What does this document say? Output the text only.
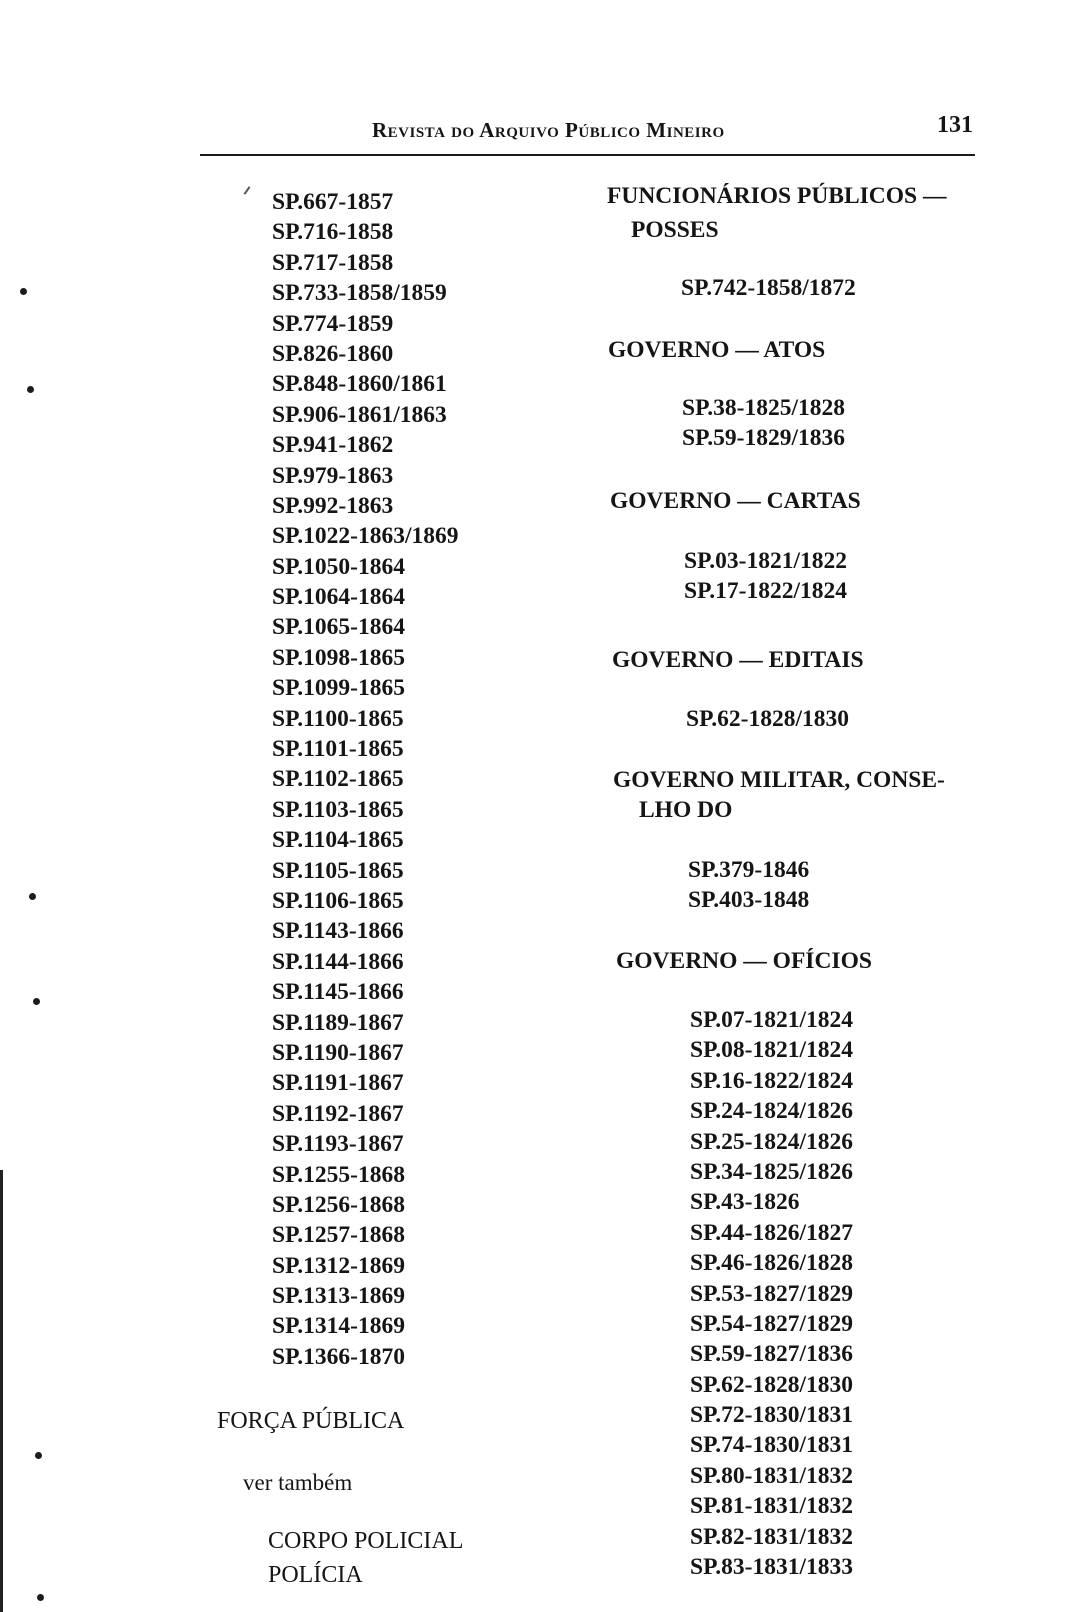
Revista do Arquivo Público Mineiro	131
SP.667-1857
SP.716-1858
SP.717-1858
SP.733-1858/1859
SP.774-1859
SP.826-1860
SP.848-1860/1861
SP.906-1861/1863
SP.941-1862
SP.979-1863
SP.992-1863
SP.1022-1863/1869
SP.1050-1864
SP.1064-1864
SP.1065-1864
SP.1098-1865
SP.1099-1865
SP.1100-1865
SP.1101-1865
SP.1102-1865
SP.1103-1865
SP.1104-1865
SP.1105-1865
SP.1106-1865
SP.1143-1866
SP.1144-1866
SP.1145-1866
SP.1189-1867
SP.1190-1867
SP.1191-1867
SP.1192-1867
SP.1193-1867
SP.1255-1868
SP.1256-1868
SP.1257-1868
SP.1312-1869
SP.1313-1869
SP.1314-1869
SP.1366-1870
FORÇA PÚBLICA
ver também
CORPO POLICIAL
POLÍCIA
FUNCIONÁRIOS PÚBLICOS —
POSSES
SP.742-1858/1872
GOVERNO — ATOS
SP.38-1825/1828
SP.59-1829/1836
GOVERNO — CARTAS
SP.03-1821/1822
SP.17-1822/1824
GOVERNO — EDITAIS
SP.62-1828/1830
GOVERNO MILITAR, CONSE-
LHO DO
SP.379-1846
SP.403-1848
GOVERNO — OFÍCIOS
SP.07-1821/1824
SP.08-1821/1824
SP.16-1822/1824
SP.24-1824/1826
SP.25-1824/1826
SP.34-1825/1826
SP.43-1826
SP.44-1826/1827
SP.46-1826/1828
SP.53-1827/1829
SP.54-1827/1829
SP.59-1827/1836
SP.62-1828/1830
SP.72-1830/1831
SP.74-1830/1831
SP.80-1831/1832
SP.81-1831/1832
SP.82-1831/1832
SP.83-1831/1833
